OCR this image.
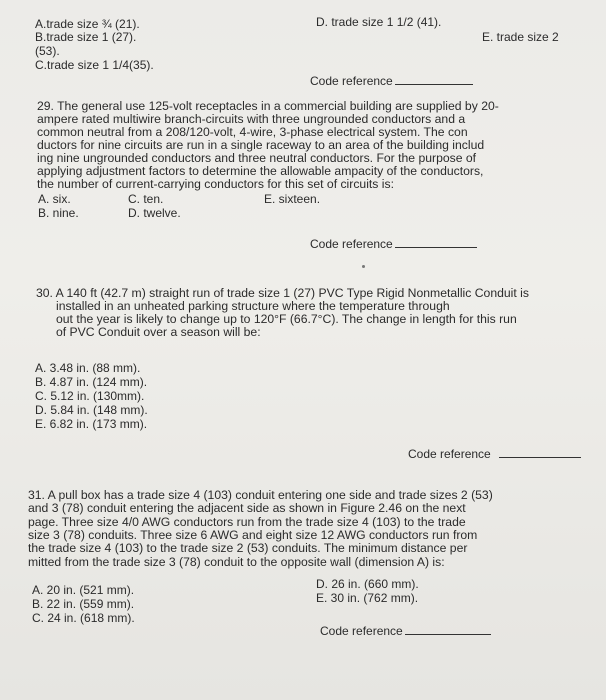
A.trade size ¾ (21).
B.trade size 1 (27).
(53).
C.trade size 1 1/4(35).
D. trade size 1 1/2 (41).
E. trade size 2
Code reference
29. The general use 125-volt receptacles in a commercial building are supplied by 20-
ampere rated multiwire branch-circuits with three ungrounded conductors and a
common neutral from a 208/120-volt, 4-wire, 3-phase electrical system. The con
ductors for nine circuits are run in a single raceway to an area of the building includ
ing nine ungrounded conductors and three neutral conductors. For the purpose of
applying adjustment factors to determine the allowable ampacity of the conductors,
the number of current-carrying conductors for this set of circuits is:
A. six.
B. nine.
C. ten.
D. twelve.
E. sixteen.
Code reference
30. A 140 ft (42.7 m) straight run of trade size 1 (27) PVC Type Rigid Nonmetallic Conduit is
installed in an unheated parking structure where the temperature through
out the year is likely to change up to 120°F (66.7°C). The change in length for this run
of PVC Conduit over a season will be:
A. 3.48 in. (88 mm).
B. 4.87 in. (124 mm).
C. 5.12 in. (130mm).
D. 5.84 in. (148 mm).
E. 6.82 in. (173 mm).
Code reference
31. A pull box has a trade size 4 (103) conduit entering one side and trade sizes 2 (53)
and 3 (78) conduit entering the adjacent side as shown in Figure 2.46 on the next
page. Three size 4/0 AWG conductors run from the trade size 4 (103) to the trade
size 3 (78) conduits. Three size 6 AWG and eight size 12 AWG conductors run from
the trade size 4 (103) to the trade size 2 (53) conduits. The minimum distance per
mitted from the trade size 3 (78) conduit to the opposite wall (dimension A) is:
A. 20 in. (521 mm).
B. 22 in. (559 mm).
C. 24 in. (618 mm).
D. 26 in. (660 mm).
E. 30 in. (762 mm).
Code reference
